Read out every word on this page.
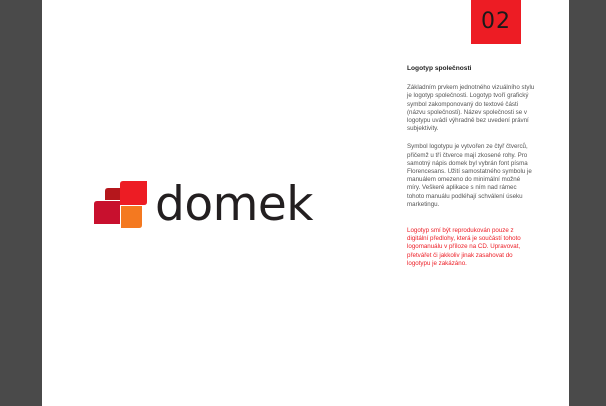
02
domek

Logotyp společnosti

Základním prvkem jednotného vizuálního stylu je logotyp společnosti. Logotyp tvoří grafický symbol zakomponovaný do textové části (názvu společnosti). Název společnosti se v logotypu uvádí výhradně bez uvedení právní subjektivity.

Symbol logotypu je vytvořen ze čtyř čtverců, přičemž u tří čtverce mají zkosené rohy. Pro samotný nápis domek byl vybrán font písma Florencesans. Užití samostatného symbolu je manuálem omezeno do minimální možné míry. Veškeré aplikace s ním nad rámec tohoto manuálu podléhají schválení úseku marketingu.

Logotyp smí být reprodukován pouze z digitální předlohy, která je součástí tohoto logomanuálu v příloze na CD. Upravovat, přetvářet či jakkoliv jinak zasahovat do logotypu je zakázáno.
